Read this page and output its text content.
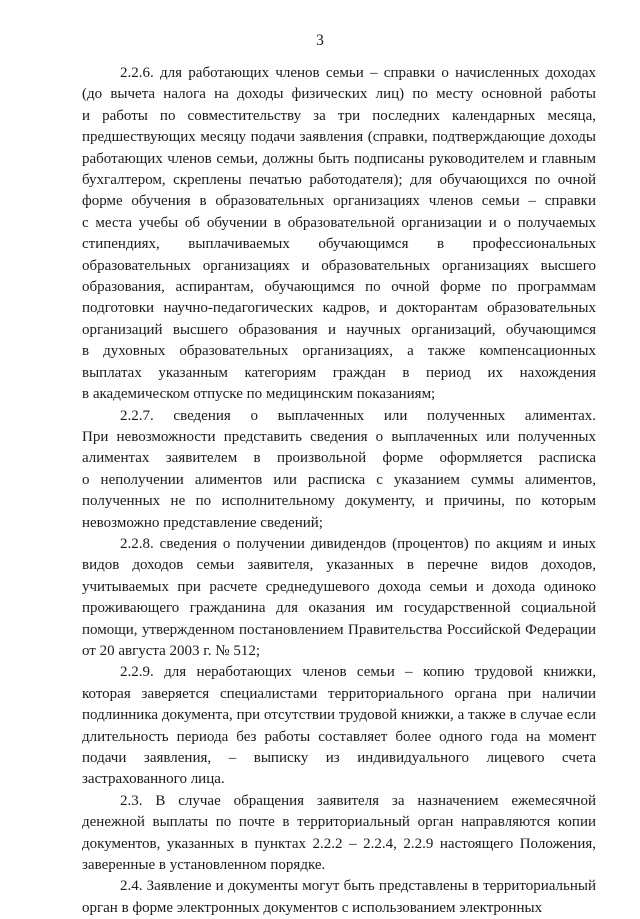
3
2.2.6. для работающих членов семьи – справки о начисленных доходах
(до вычета налога на доходы физических лиц) по месту основной работы
и работы по совместительству за три последних календарных месяца,
предшествующих месяцу подачи заявления (справки, подтверждающие доходы
работающих членов семьи, должны быть подписаны руководителем и главным
бухгалтером, скреплены печатью работодателя); для обучающихся по очной
форме обучения в образовательных организациях членов семьи – справки
с места учебы об обучении в образовательной организации и о получаемых
стипендиях, выплачиваемых обучающимся в профессиональных
образовательных организациях и образовательных организациях высшего
образования, аспирантам, обучающимся по очной форме по программам
подготовки научно-педагогических кадров, и докторантам образовательных
организаций высшего образования и научных организаций, обучающимся
в духовных образовательных организациях, а также компенсационных
выплатах указанным категориям граждан в период их нахождения
в академическом отпуске по медицинским показаниям;
2.2.7. сведения о выплаченных или полученных алиментах.
При невозможности представить сведения о выплаченных или полученных
алиментах заявителем в произвольной форме оформляется расписка
о неполучении алиментов или расписка с указанием суммы алиментов,
полученных не по исполнительному документу, и причины, по которым
невозможно представление сведений;
2.2.8. сведения о получении дивидендов (процентов) по акциям и иных
видов доходов семьи заявителя, указанных в перечне видов доходов,
учитываемых при расчете среднедушевого дохода семьи и дохода одиноко
проживающего гражданина для оказания им государственной социальной
помощи, утвержденном постановлением Правительства Российской Федерации
от 20 августа 2003 г. № 512;
2.2.9. для неработающих членов семьи – копию трудовой книжки,
которая заверяется специалистами территориального органа при наличии
подлинника документа, при отсутствии трудовой книжки, а также в случае если
длительность периода без работы составляет более одного года на момент
подачи заявления, – выписку из индивидуального лицевого счета
застрахованного лица.
2.3. В случае обращения заявителя за назначением ежемесячной
денежной выплаты по почте в территориальный орган направляются копии
документов, указанных в пунктах 2.2.2 – 2.2.4, 2.2.9 настоящего Положения,
заверенные в установленном порядке.
2.4. Заявление и документы могут быть представлены в территориальный
орган в форме электронных документов с использованием электронных
